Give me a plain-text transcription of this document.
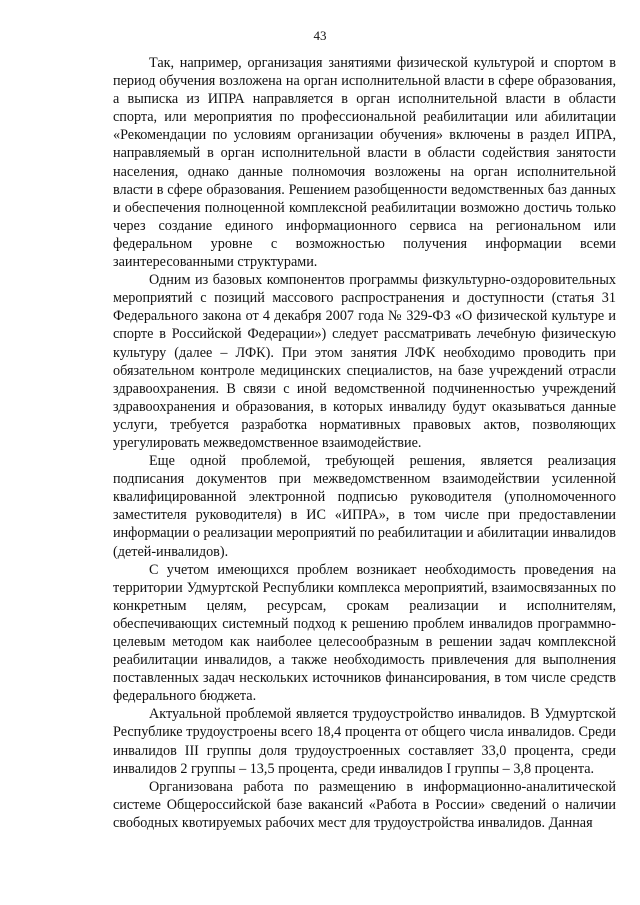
43

Так, например, организация занятиями физической культурой и спортом в период обучения возложена на орган исполнительной власти в сфере образования, а выписка из ИПРА направляется в орган исполнительной власти в области спорта, или мероприятия по профессиональной реабилитации или абилитации «Рекомендации по условиям организации обучения» включены в раздел ИПРА, направляемый в орган исполнительной власти в области содействия занятости населения, однако данные полномочия возложены на орган исполнительной власти в сфере образования. Решением разобщенности ведомственных баз данных и обеспечения полноценной комплексной реабилитации возможно достичь только через создание единого информационного сервиса на региональном или федеральном уровне с возможностью получения информации всеми заинтересованными структурами.

Одним из базовых компонентов программы физкультурно-оздоровительных мероприятий с позиций массового распространения и доступности (статья 31 Федерального закона от 4 декабря 2007 года № 329-ФЗ «О физической культуре и спорте в Российской Федерации») следует рассматривать лечебную физическую культуру (далее – ЛФК). При этом занятия ЛФК необходимо проводить при обязательном контроле медицинских специалистов, на базе учреждений отрасли здравоохранения. В связи с иной ведомственной подчиненностью учреждений здравоохранения и образования, в которых инвалиду будут оказываться данные услуги, требуется разработка нормативных правовых актов, позволяющих урегулировать межведомственное взаимодействие.

Еще одной проблемой, требующей решения, является реализация подписания документов при межведомственном взаимодействии усиленной квалифицированной электронной подписью руководителя (уполномоченного заместителя руководителя) в ИС «ИПРА», в том числе при предоставлении информации о реализации мероприятий по реабилитации и абилитации инвалидов (детей-инвалидов).

С учетом имеющихся проблем возникает необходимость проведения на территории Удмуртской Республики комплекса мероприятий, взаимосвязанных по конкретным целям, ресурсам, срокам реализации и исполнителям, обеспечивающих системный подход к решению проблем инвалидов программно-целевым методом как наиболее целесообразным в решении задач комплексной реабилитации инвалидов, а также необходимость привлечения для выполнения поставленных задач нескольких источников финансирования, в том числе средств федерального бюджета.

Актуальной проблемой является трудоустройство инвалидов. В Удмуртской Республике трудоустроены всего 18,4 процента от общего числа инвалидов. Среди инвалидов III группы доля трудоустроенных составляет 33,0 процента, среди инвалидов 2 группы – 13,5 процента, среди инвалидов I группы – 3,8 процента.

Организована работа по размещению в информационно-аналитической системе Общероссийской базе вакансий «Работа в России» сведений о наличии свободных квотируемых рабочих мест для трудоустройства инвалидов. Данная
